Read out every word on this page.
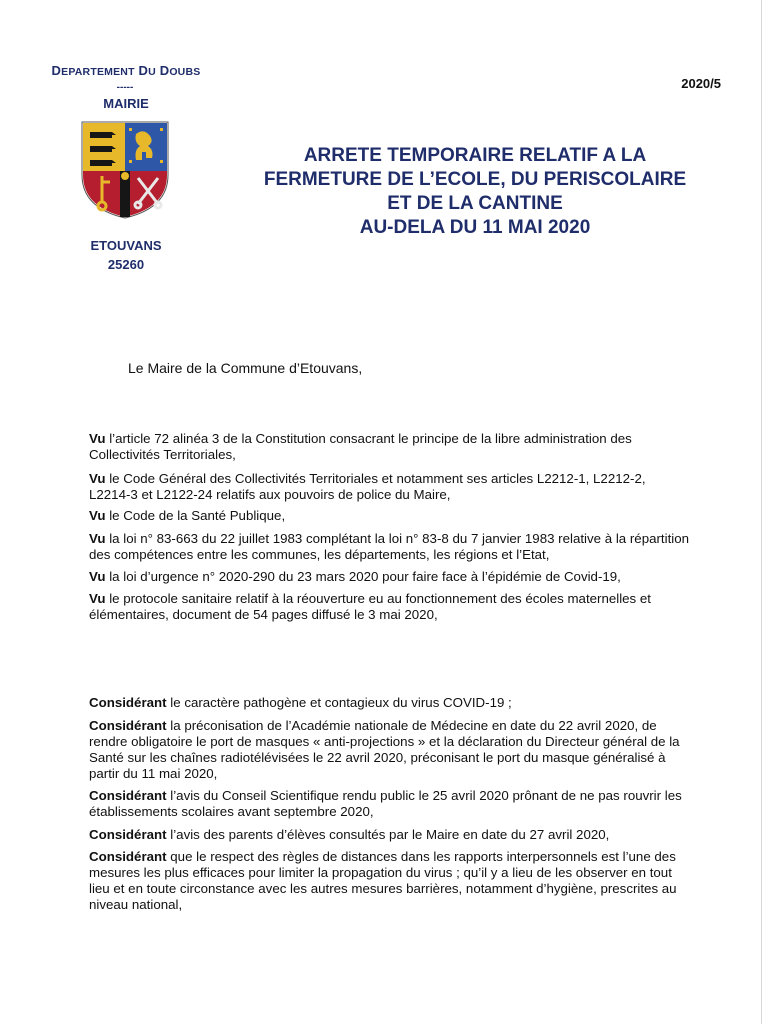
DEPARTEMENT DU DOUBS
-----
MAIRIE
ETOUVANS
25260
2020/5
ARRETE TEMPORAIRE RELATIF A LA
FERMETURE DE L’ECOLE, DU PERISCOLAIRE
ET DE LA CANTINE
AU-DELA DU 11 MAI 2020
Le Maire de la Commune d’Etouvans,

Vu l’article 72 alinéa 3 de la Constitution consacrant le principe de la libre administration des Collectivités Territoriales,

Vu le Code Général des Collectivités Territoriales et notamment ses articles L2212-1, L2212-2, L2214-3 et L2122-24 relatifs aux pouvoirs de police du Maire,

Vu le Code de la Santé Publique,

Vu la loi n° 83-663 du 22 juillet 1983 complétant la loi n° 83-8 du 7 janvier 1983 relative à la répartition des compétences entre les communes, les départements, les régions et l’Etat,

Vu la loi d’urgence n° 2020-290 du 23 mars 2020 pour faire face à l’épidémie de Covid-19,

Vu le protocole sanitaire relatif à la réouverture eu au fonctionnement des écoles maternelles et élémentaires, document de 54 pages diffusé le 3 mai 2020,

Considérant le caractère pathogène et contagieux du virus COVID-19 ;

Considérant la préconisation de l’Académie nationale de Médecine en date du 22 avril 2020, de rendre obligatoire le port de masques « anti-projections » et la déclaration du Directeur général de la Santé sur les chaînes radiotélévisées le 22 avril 2020, préconisant le port du masque généralisé à partir du 11 mai 2020,

Considérant l’avis du Conseil Scientifique rendu public le 25 avril 2020 prônant de ne pas rouvrir les établissements scolaires avant septembre 2020,

Considérant l’avis des parents d’élèves consultés par le Maire en date du 27 avril 2020,

Considérant que le respect des règles de distances dans les rapports interpersonnels est l’une des mesures les plus efficaces pour limiter la propagation du virus ; qu’il y a lieu de les observer en tout lieu et en toute circonstance avec les autres mesures barrières, notamment d’hygiène, prescrites au niveau national,
